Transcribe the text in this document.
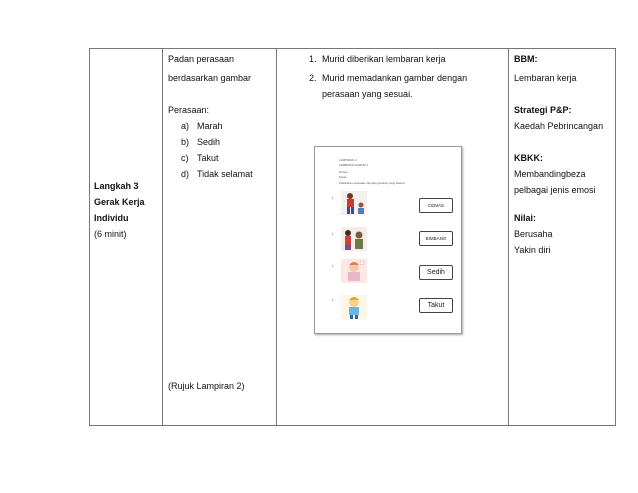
Langkah 3
Gerak Kerja
Individu
(6 minit)
Padan perasaan
berdasarkan gambar
Perasaan:
a) Marah
b) Sedih
c) Takut
d) Tidak selamat
(Rujuk Lampiran 2)
1. Murid diberikan lembaran kerja
2. Murid memadankan gambar dengan
perasaan yang sesuai.
BBM:
Lembaran kerja
Strategi P&P:
Kaedah Pebrincangan
KBKK:
Membandingbeza
pelbagai jenis emosi
Nilai:
Berusaha
Yakin diri
LAMPIRAN 2
LEMBARAN KERJA 1
Nama :
Kelas :
Padankan perasaan dengan gambar yang sesuai
•
CEMAS
•
BIMBANG
•
Sedih
•
Takut
